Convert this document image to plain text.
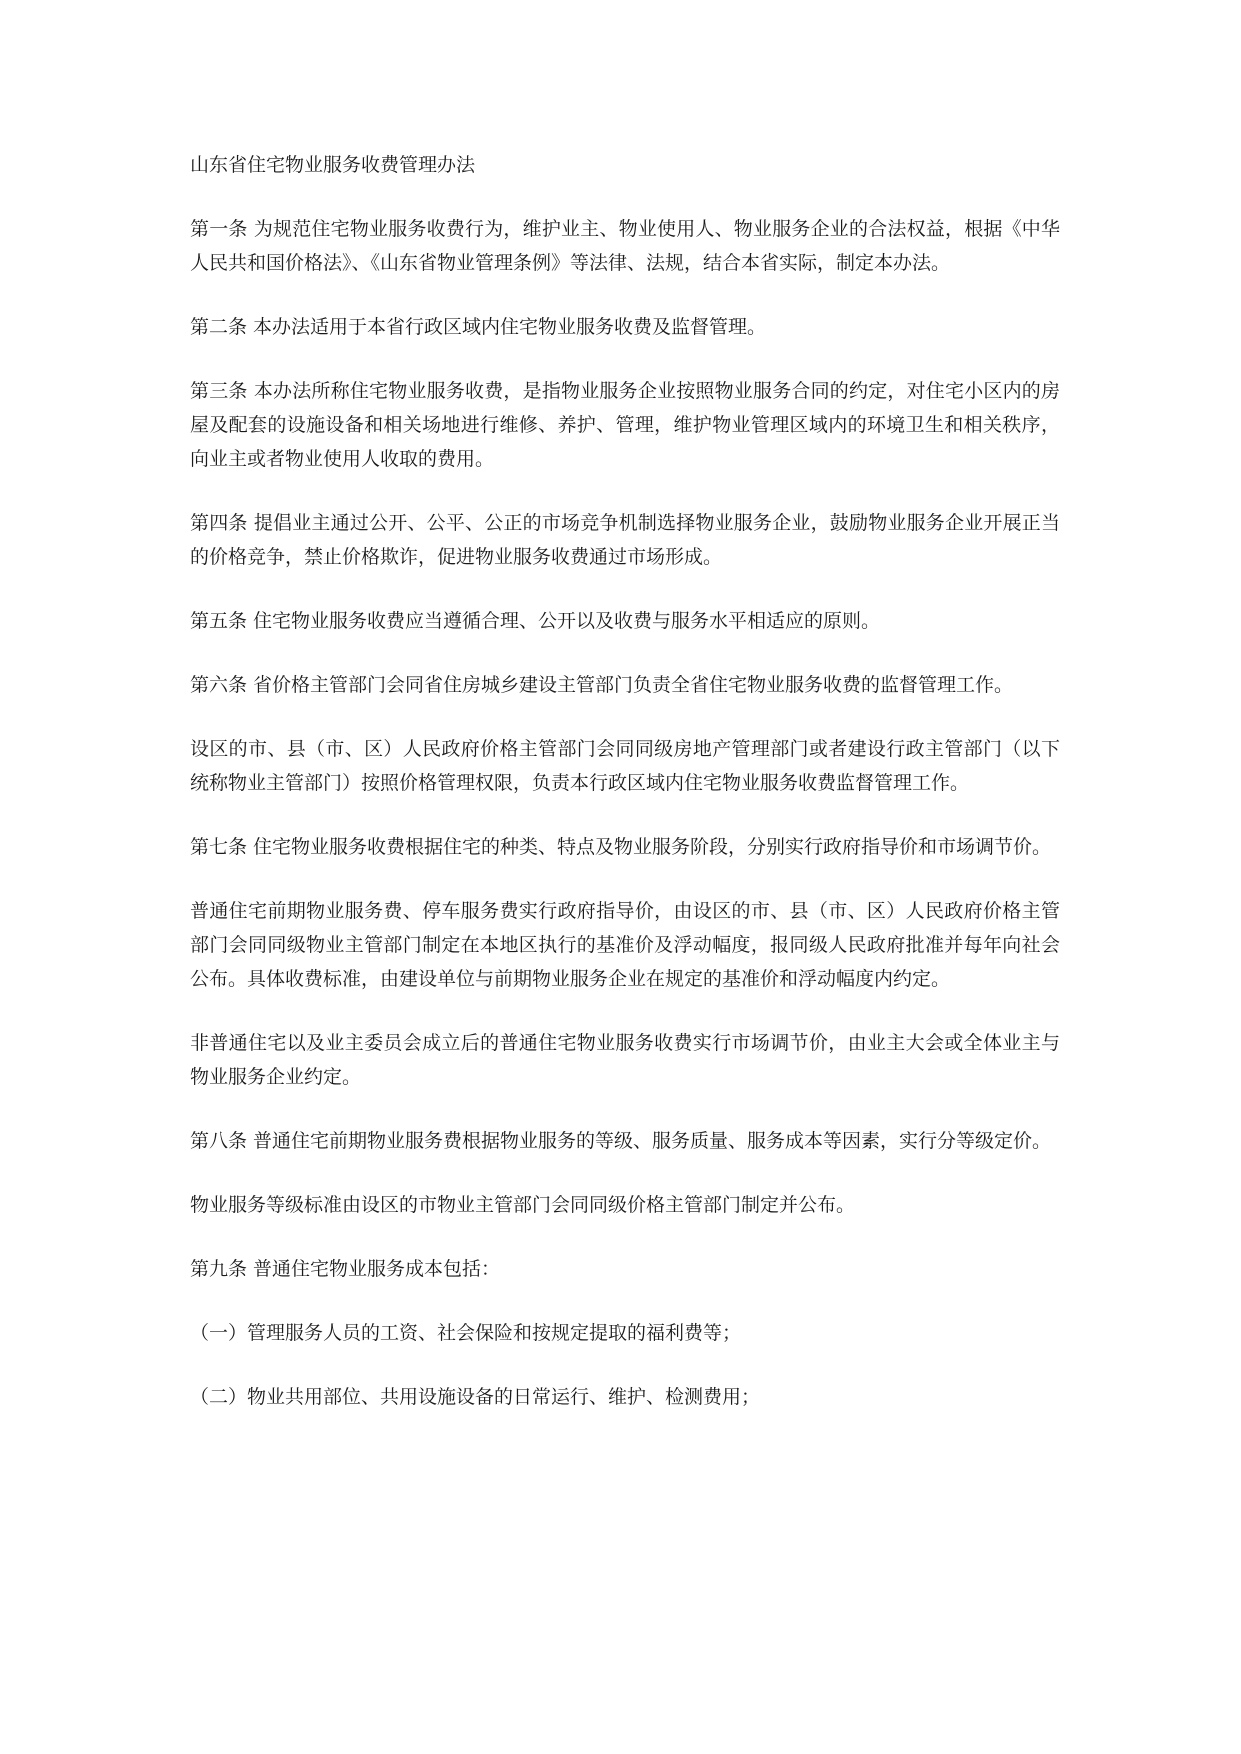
山东省住宅物业服务收费管理办法

第一条 为规范住宅物业服务收费行为，维护业主、物业使用人、物业服务企业的合法权益，根据《中华人民共和国价格法》、《山东省物业管理条例》等法律、法规，结合本省实际，制定本办法。

第二条 本办法适用于本省行政区域内住宅物业服务收费及监督管理。

第三条 本办法所称住宅物业服务收费，是指物业服务企业按照物业服务合同的约定，对住宅小区内的房屋及配套的设施设备和相关场地进行维修、养护、管理，维护物业管理区域内的环境卫生和相关秩序，向业主或者物业使用人收取的费用。

第四条 提倡业主通过公开、公平、公正的市场竞争机制选择物业服务企业，鼓励物业服务企业开展正当的价格竞争，禁止价格欺诈，促进物业服务收费通过市场形成。

第五条 住宅物业服务收费应当遵循合理、公开以及收费与服务水平相适应的原则。

第六条 省价格主管部门会同省住房城乡建设主管部门负责全省住宅物业服务收费的监督管理工作。

设区的市、县（市、区）人民政府价格主管部门会同同级房地产管理部门或者建设行政主管部门（以下统称物业主管部门）按照价格管理权限，负责本行政区域内住宅物业服务收费监督管理工作。

第七条 住宅物业服务收费根据住宅的种类、特点及物业服务阶段，分别实行政府指导价和市场调节价。

普通住宅前期物业服务费、停车服务费实行政府指导价，由设区的市、县（市、区）人民政府价格主管部门会同同级物业主管部门制定在本地区执行的基准价及浮动幅度，报同级人民政府批准并每年向社会公布。具体收费标准，由建设单位与前期物业服务企业在规定的基准价和浮动幅度内约定。

非普通住宅以及业主委员会成立后的普通住宅物业服务收费实行市场调节价，由业主大会或全体业主与物业服务企业约定。

第八条 普通住宅前期物业服务费根据物业服务的等级、服务质量、服务成本等因素，实行分等级定价。

物业服务等级标准由设区的市物业主管部门会同同级价格主管部门制定并公布。

第九条 普通住宅物业服务成本包括：

（一）管理服务人员的工资、社会保险和按规定提取的福利费等；

（二）物业共用部位、共用设施设备的日常运行、维护、检测费用；
